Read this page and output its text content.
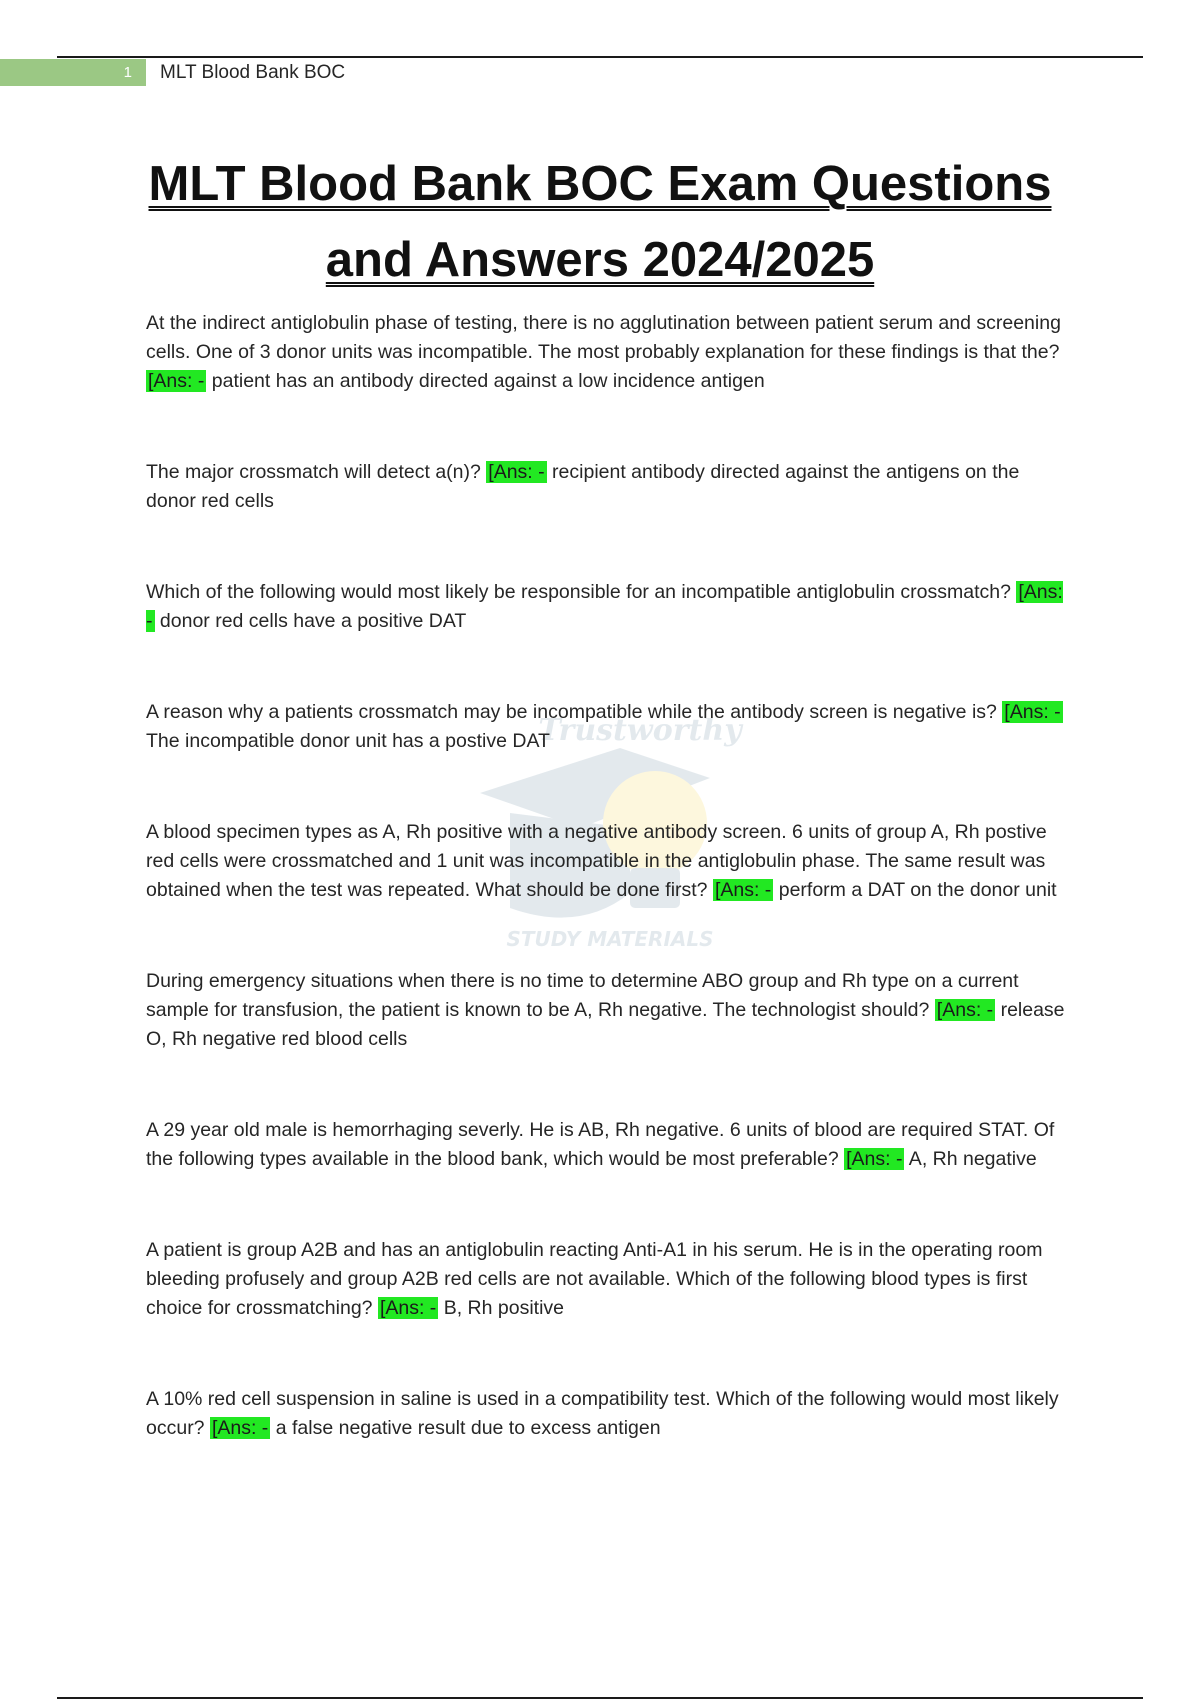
1 MLT Blood Bank BOC
MLT Blood Bank BOC Exam Questions
and Answers 2024/2025
Trustworthy
STUDY MATERIALS

At the indirect antiglobulin phase of testing, there is no agglutination between patient serum and screening cells. One of 3 donor units was incompatible. The most probably explanation for these findings is that the? [Ans: - patient has an antibody directed against a low incidence antigen

The major crossmatch will detect a(n)? [Ans: - recipient antibody directed against the antigens on the donor red cells

Which of the following would most likely be responsible for an incompatible antiglobulin crossmatch? [Ans: - donor red cells have a positive DAT

A reason why a patients crossmatch may be incompatible while the antibody screen is negative is? [Ans: - The incompatible donor unit has a postive DAT

A blood specimen types as A, Rh positive with a negative antibody screen. 6 units of group A, Rh postive red cells were crossmatched and 1 unit was incompatible in the antiglobulin phase. The same result was obtained when the test was repeated. What should be done first? [Ans: - perform a DAT on the donor unit

During emergency situations when there is no time to determine ABO group and Rh type on a current sample for transfusion, the patient is known to be A, Rh negative. The technologist should? [Ans: - release O, Rh negative red blood cells

A 29 year old male is hemorrhaging severly. He is AB, Rh negative. 6 units of blood are required STAT. Of the following types available in the blood bank, which would be most preferable? [Ans: - A, Rh negative

A patient is group A2B and has an antiglobulin reacting Anti-A1 in his serum. He is in the operating room bleeding profusely and group A2B red cells are not available. Which of the following blood types is first choice for crossmatching? [Ans: - B, Rh positive

A 10% red cell suspension in saline is used in a compatibility test. Which of the following would most likely occur? [Ans: - a false negative result due to excess antigen
